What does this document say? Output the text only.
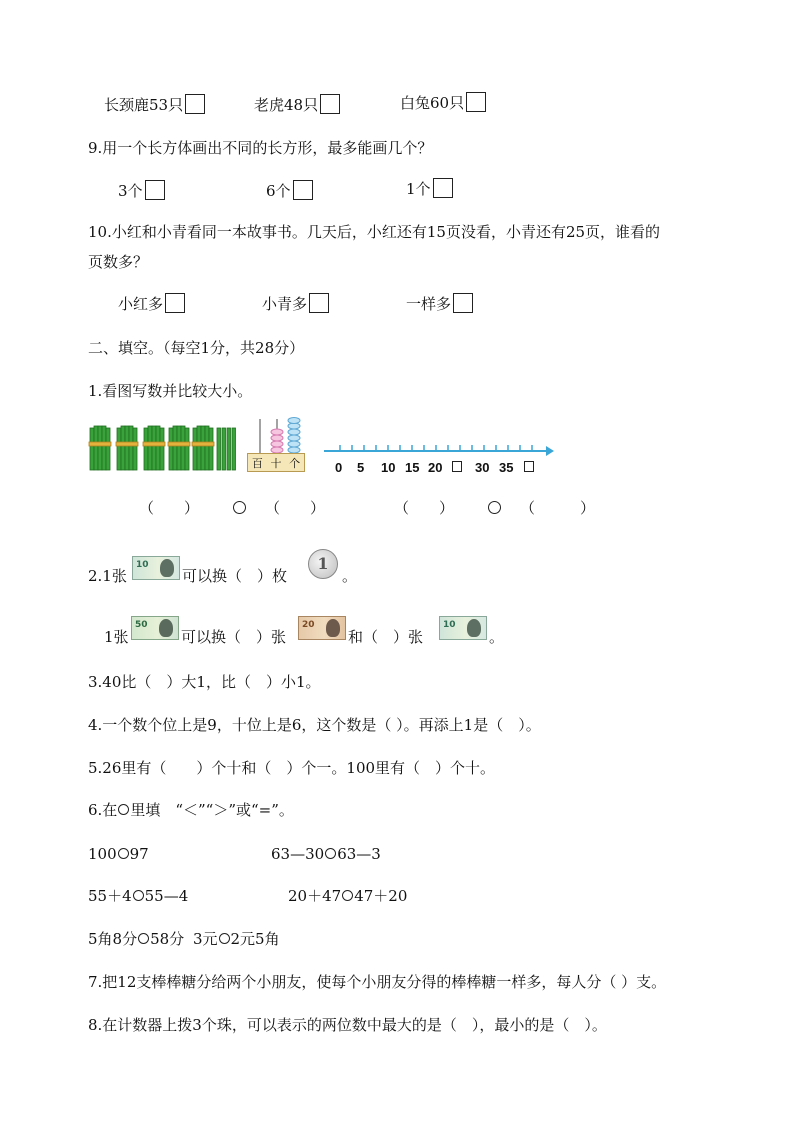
长颈鹿53只	老虎48只	白兔60只
9.用一个长方体画出不同的长方形，最多能画几个？
3个	6个	1个
10.小红和小青看同一本故事书。几天后，小红还有15页没看，小青还有25页，谁看的
页数多？
小红多	小青多	一样多
二、填空。（每空1分，共28分）
1.看图写数并比较大小。
百 十 个	0 5 10 15 20	30 35
（　　）	（　　）	（　　）	（　　　）
2.1张
10
可以换（　）枚
1
。
1张
50
可以换（　）张
20
和（　）张
10
。
3.40比（　）大1，比（　）小1。
4.一个数个位上是9，十位上是6，这个数是（ ）。再添上1是（　）。
5.26里有（　　）个十和（　）个一。100里有（　）个十。
6.在 里填　“＜”“＞”或“=”。
100 97	63—30 63—3
55＋4 55—4	20＋47 47＋20
5角8分 58分 3元 2元5角
7.把12支棒棒糖分给两个小朋友，使每个小朋友分得的棒棒糖一样多，每人分（ ）支。
8.在计数器上拨3个珠，可以表示的两位数中最大的是（　），最小的是（　）。
